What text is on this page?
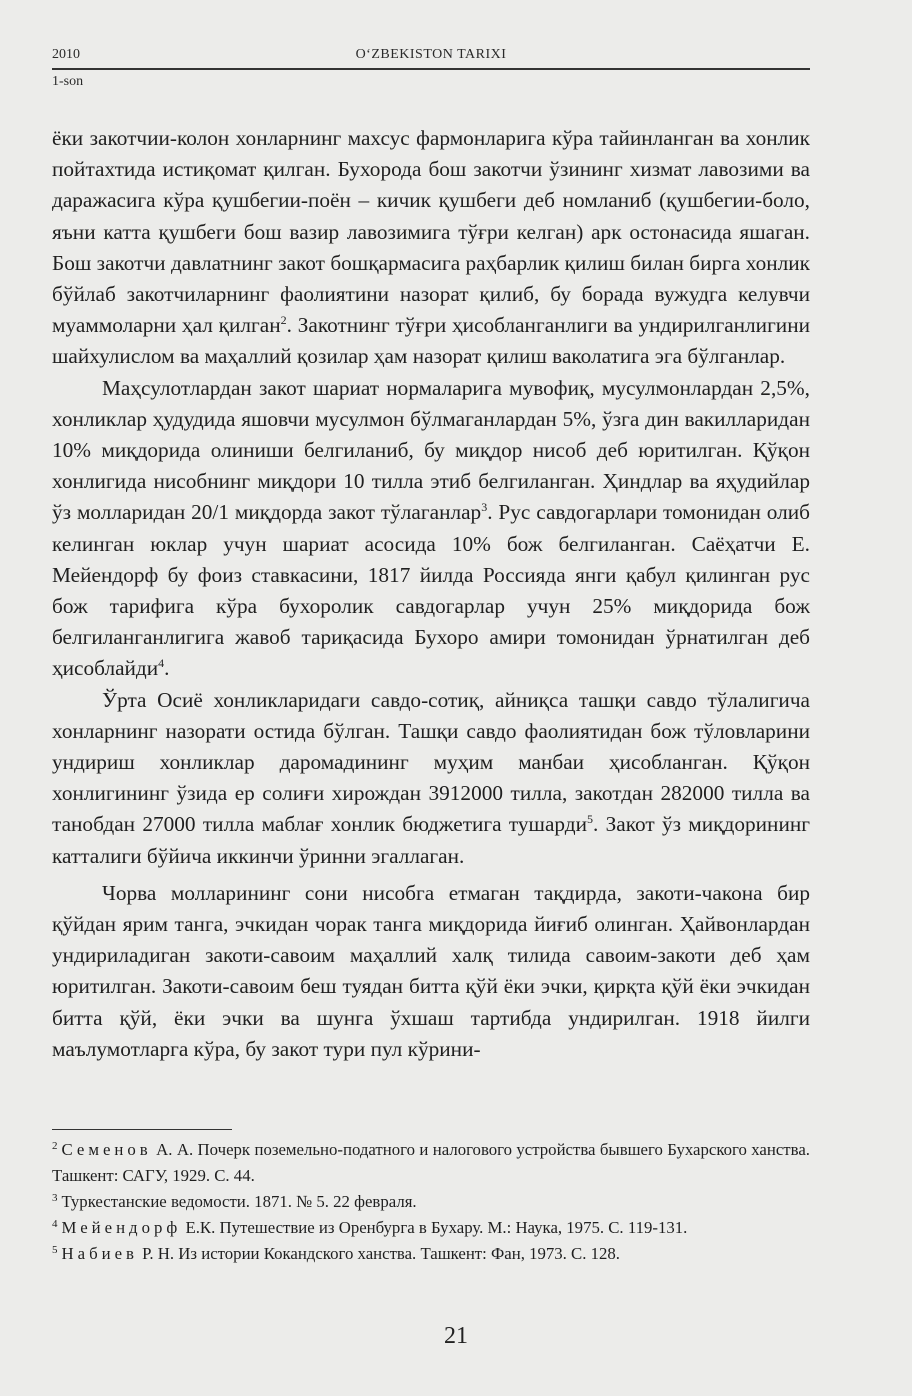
2010	O‘ZBEKISTON TARIXI
1-son

ёки закотчии-колон хонларнинг махсус фармонларига кўра тайинланган ва хонлик пойтахтида истиқомат қилган. Бухорода бош закотчи ўзининг хизмат лавозими ва даражасига кўра қушбегии-поён – кичик қушбеги деб номланиб (қушбегии-боло, яъни катта қушбеги бош вазир лавозимига тўғри келган) арк остонасида яшаган. Бош закотчи давлатнинг закот бошқармасига раҳбарлик қилиш билан бирга хонлик бўйлаб закотчиларнинг фаолиятини назорат қилиб, бу борада вужудга келувчи муаммоларни ҳал қилган$^2$. Закотнинг тўғри ҳисобланганлиги ва ундирилганлигини шайхулислом ва маҳаллий қозилар ҳам назорат қилиш ваколатига эга бўлганлар.

Маҳсулотлардан закот шариат нормаларига мувофиқ, мусулмонлардан 2,5%, хонликлар ҳудудида яшовчи мусулмон бўлмаганлардан 5%, ўзга дин вакилларидан 10% миқдорида олиниши белгиланиб, бу миқдор нисоб деб юритилган. Қўқон хонлигида нисобнинг миқдори 10 тилла этиб белгиланган. Ҳиндлар ва яҳудийлар ўз молларидан 20/1 миқдорда закот тўлаганлар$^3$. Рус савдогарлари томонидан олиб келинган юклар учун шариат асосида 10% бож белгиланган. Саёҳатчи Е. Мейендорф бу фоиз ставкасини, 1817 йилда Россияда янги қабул қилинган рус бож тарифига кўра бухоролик савдогарлар учун 25% миқдорида бож белгиланганлигига жавоб тариқасида Бухоро амири томонидан ўрнатилган деб ҳисоблайди$^4$.

Ўрта Осиё хонликларидаги савдо-сотиқ, айниқса ташқи савдо тўлалигича хонларнинг назорати остида бўлган. Ташқи савдо фаолиятидан бож тўловларини ундириш хонликлар даромадининг муҳим манбаи ҳисобланган. Қўқон хонлигининг ўзида ер солиғи хирождан 3912000 тилла, закотдан 282000 тилла ва танобдан 27000 тилла маблағ хонлик бюджетига тушарди$^5$. Закот ўз миқдорининг катталиги бўйича иккинчи ўринни эгаллаган.

Чорва молларининг сони нисобга етмаган тақдирда, закоти-чакона бир қўйдан ярим танга, эчкидан чорак танга миқдорида йиғиб олинган. Ҳайвонлардан ундириладиган закоти-савоим маҳаллий халқ тилида савоим-закоти деб ҳам юритилган. Закоти-савоим беш туядан битта қўй ёки эчки, қирқта қўй ёки эчкидан битта қўй, ёки эчки ва шунга ўхшаш тартибда ундирилган. 1918 йилги маълумотларга кўра, бу закот тури пул кўрини-

$^2$ Семенов А. А. Почерк поземельно-податного и налогового устройства бывшего Бухарского ханства. Ташкент: САГУ, 1929. С. 44.

$^3$ Туркестанские ведомости. 1871. № 5. 22 февраля.

$^4$ Мейендорф Е.К. Путешествие из Оренбурга в Бухару. М.: Наука, 1975. С. 119-131.

$^5$ Набиев Р. Н. Из истории Кокандского ханства. Ташкент: Фан, 1973. С. 128.

21
